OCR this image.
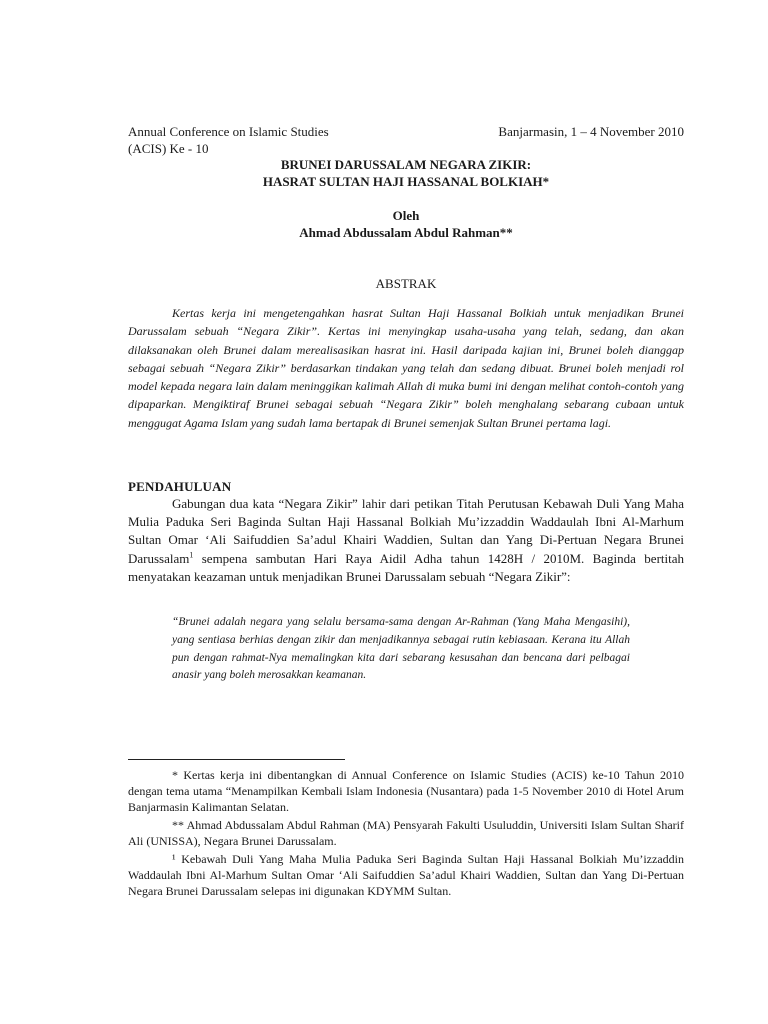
Annual Conference on Islamic Studies	Banjarmasin, 1 – 4 November 2010
(ACIS) Ke - 10
BRUNEI DARUSSALAM NEGARA ZIKIR:
HASRAT SULTAN HAJI HASSANAL BOLKIAH*
Oleh
Ahmad Abdussalam Abdul Rahman**
ABSTRAK

Kertas kerja ini mengetengahkan hasrat Sultan Haji Hassanal Bolkiah untuk menjadikan Brunei Darussalam sebuah “Negara Zikir”. Kertas ini menyingkap usaha-usaha yang telah, sedang, dan akan dilaksanakan oleh Brunei dalam merealisasikan hasrat ini. Hasil daripada kajian ini, Brunei boleh dianggap sebagai sebuah “Negara Zikir” berdasarkan tindakan yang telah dan sedang dibuat. Brunei boleh menjadi rol model kepada negara lain dalam meninggikan kalimah Allah di muka bumi ini dengan melihat contoh-contoh yang dipaparkan. Mengiktiraf Brunei sebagai sebuah “Negara Zikir” boleh menghalang sebarang cubaan untuk menggugat Agama Islam yang sudah lama bertapak di Brunei semenjak Sultan Brunei pertama lagi.

PENDAHULUAN

Gabungan dua kata “Negara Zikir” lahir dari petikan Titah Perutusan Kebawah Duli Yang Maha Mulia Paduka Seri Baginda Sultan Haji Hassanal Bolkiah Mu’izzaddin Waddaulah Ibni Al-Marhum Sultan Omar ‘Ali Saifuddien Sa’adul Khairi Waddien, Sultan dan Yang Di-Pertuan Negara Brunei Darussalam$^1$ sempena sambutan Hari Raya Aidil Adha tahun 1428H / 2010M. Baginda bertitah menyatakan keazaman untuk menjadikan Brunei Darussalam sebuah “Negara Zikir”:

“Brunei adalah negara yang selalu bersama-sama dengan Ar-Rahman (Yang Maha Mengasihi), yang sentiasa berhias dengan zikir dan menjadikannya sebagai rutin kebiasaan. Kerana itu Allah pun dengan rahmat-Nya memalingkan kita dari sebarang kesusahan dan bencana dari pelbagai anasir yang boleh merosakkan keamanan.

* Kertas kerja ini dibentangkan di Annual Conference on Islamic Studies (ACIS) ke-10 Tahun 2010 dengan tema utama “Menampilkan Kembali Islam Indonesia (Nusantara) pada 1-5 November 2010 di Hotel Arum Banjarmasin Kalimantan Selatan.

** Ahmad Abdussalam Abdul Rahman (MA) Pensyarah Fakulti Usuluddin, Universiti Islam Sultan Sharif Ali (UNISSA), Negara Brunei Darussalam.

¹ Kebawah Duli Yang Maha Mulia Paduka Seri Baginda Sultan Haji Hassanal Bolkiah Mu’izzaddin Waddaulah Ibni Al-Marhum Sultan Omar ‘Ali Saifuddien Sa’adul Khairi Waddien, Sultan dan Yang Di-Pertuan Negara Brunei Darussalam selepas ini digunakan KDYMM Sultan.
